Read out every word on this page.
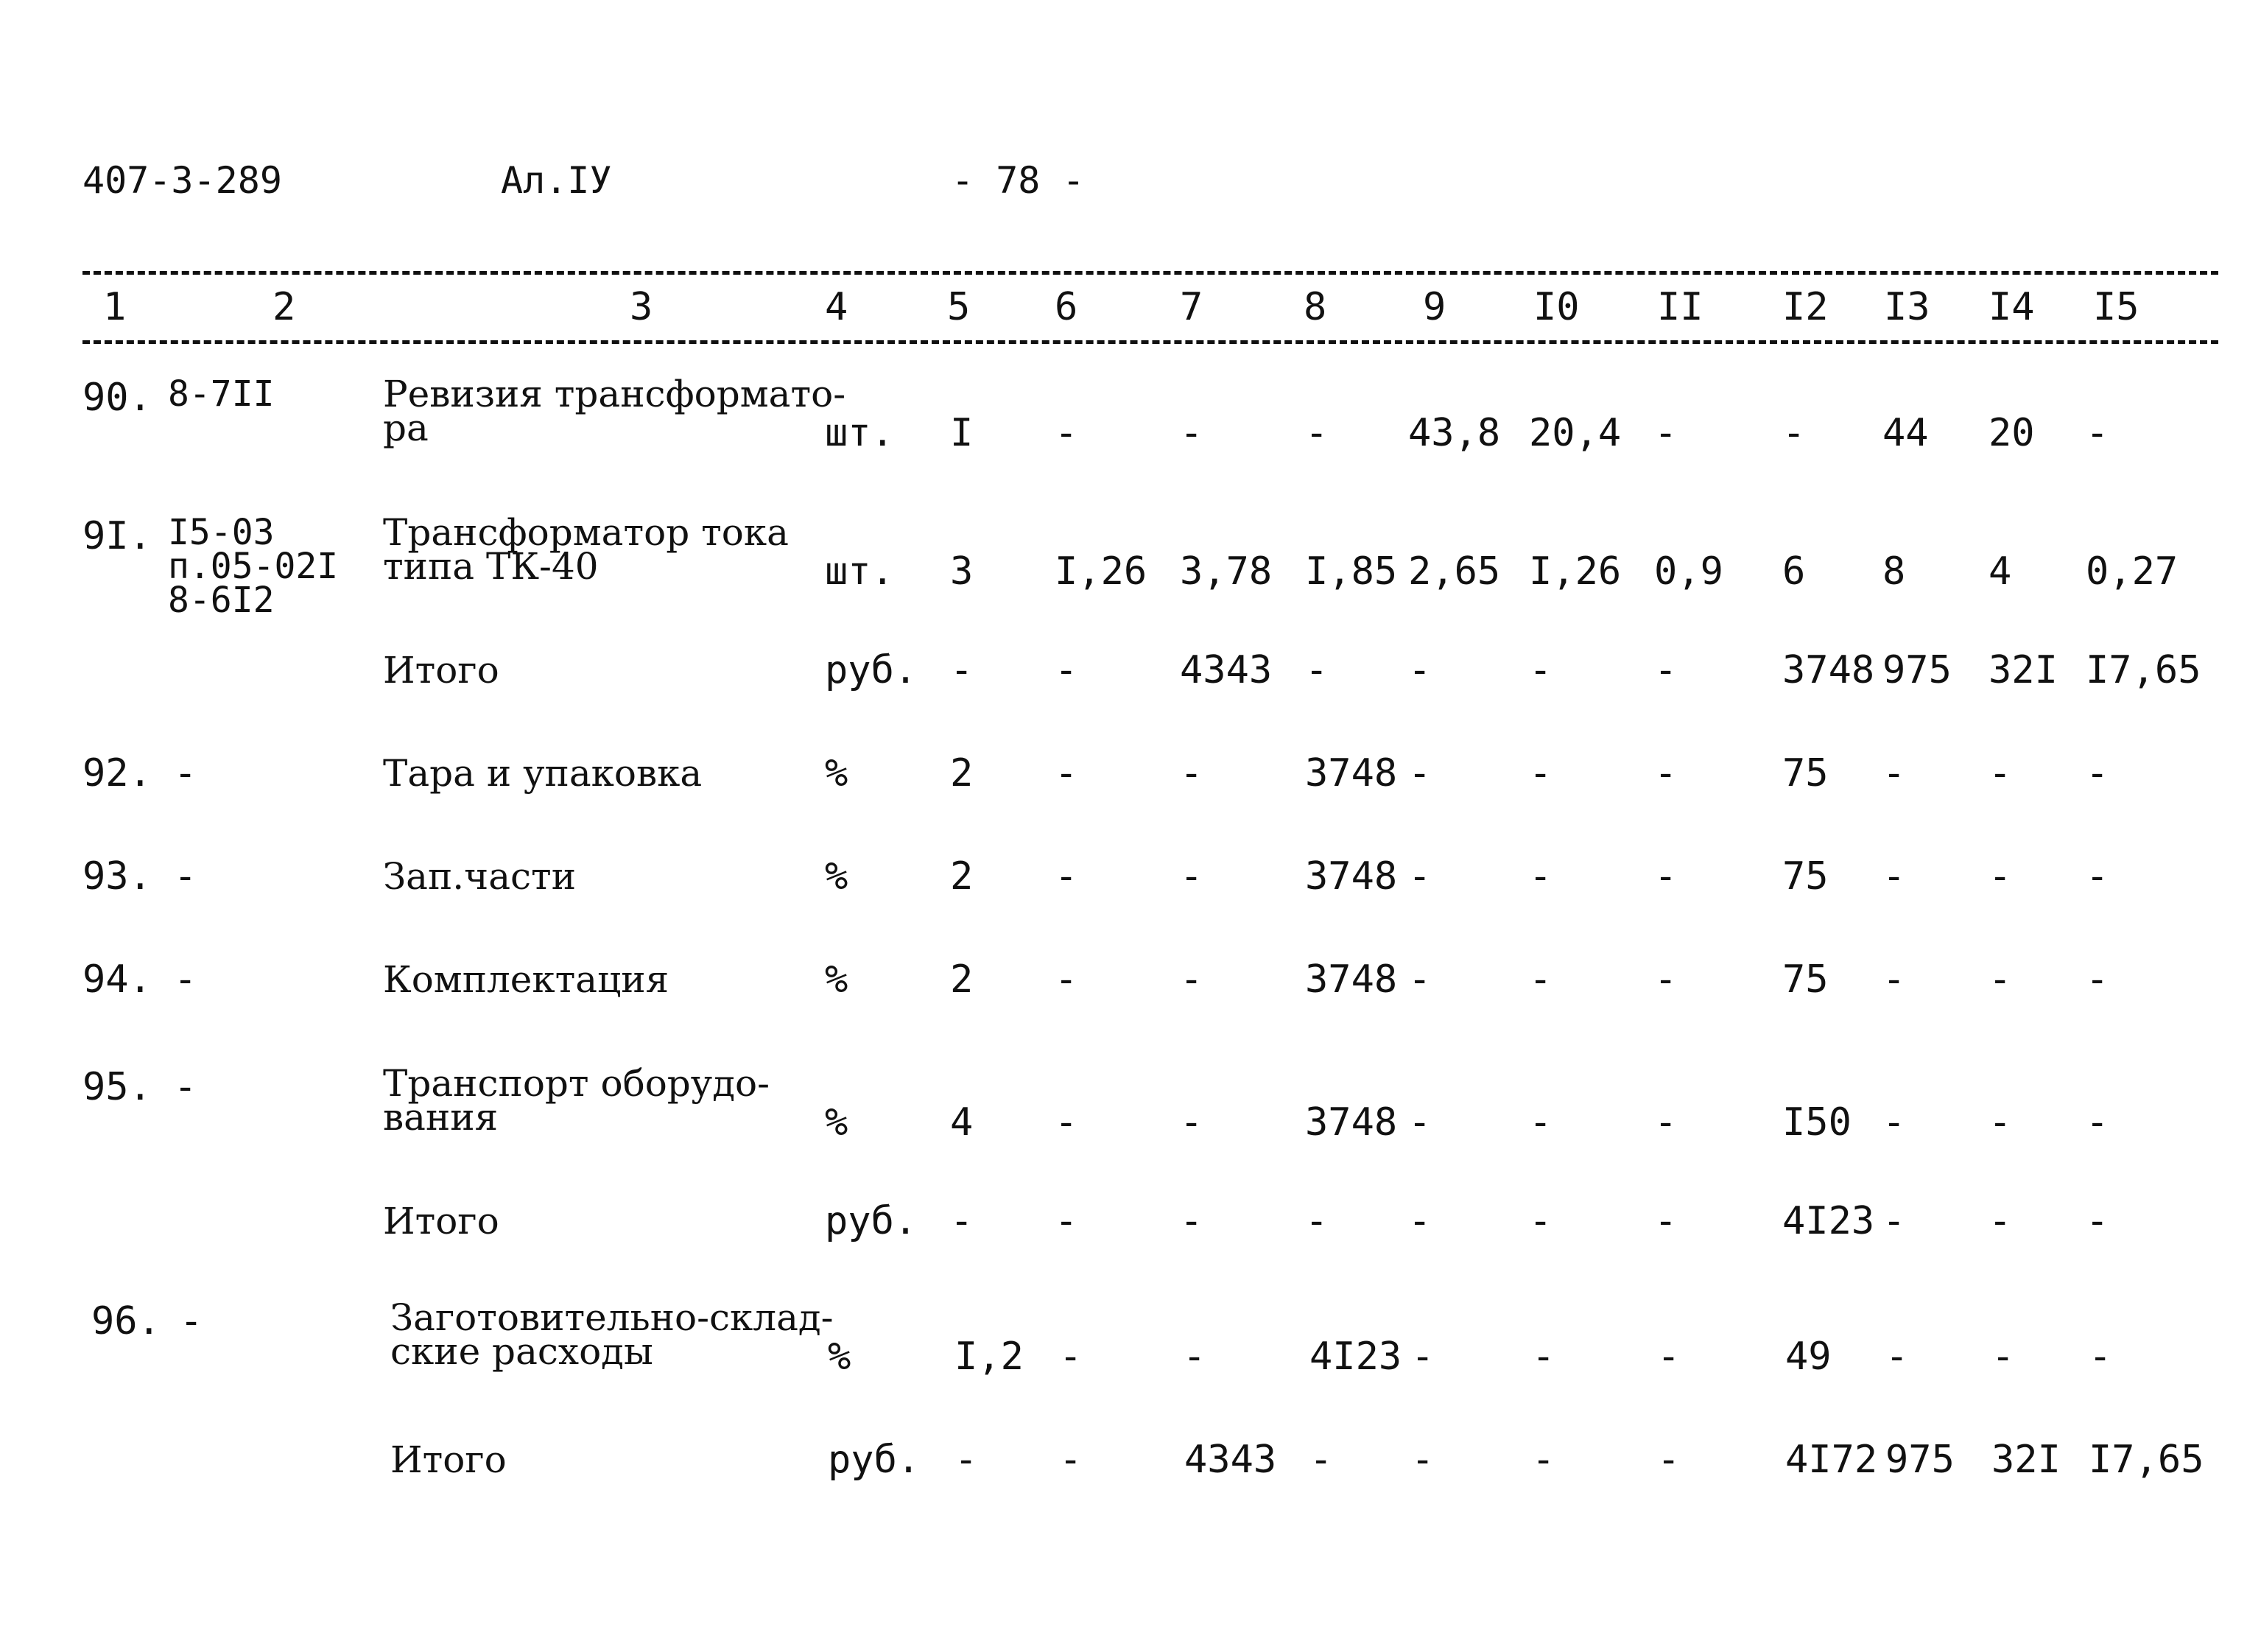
407-3-289	Ал.IУ	- 78 -
1	2	3	4	5 6	7	8	9 I0 II I2 I3 I4 I5
90. 8-7II	Ревизия трансформато-
ра	шт. I -	-	- 43,8 20,4 -	- 44 20 -
9I. I5-03
п.05-02I
8-6I2
Трансформатор тока
типа ТК-40	шт. 3 I,26 3,78 I,85 2,65 I,26 0,9 6 8 4 0,27
Итого	руб. - -	4343 - -	-	-	3748 975 32I I7,65
92. -	Тара и упаковка	%	2 -	-	3748 -	-	-	75 - - -
93. -	Зап.части	%	2 -	-	3748 -	-	-	75 - - -
94. -	Комплектация	%	2 -	-	3748 -	-	-	75 - - -
95. -	Транспорт оборудо-
вания	%	4 -	-	3748 -	-	-	I50 - - -
Итого	руб. - -	-	- -	-	-	4I23 - - -
96. -	Заготовительно-склад-
ские расходы	%	I,2 -	-	4I23 -	-	-	49 - - -
Итого	руб. - -	4343 - -	-	-	4I72 975 32I I7,65
